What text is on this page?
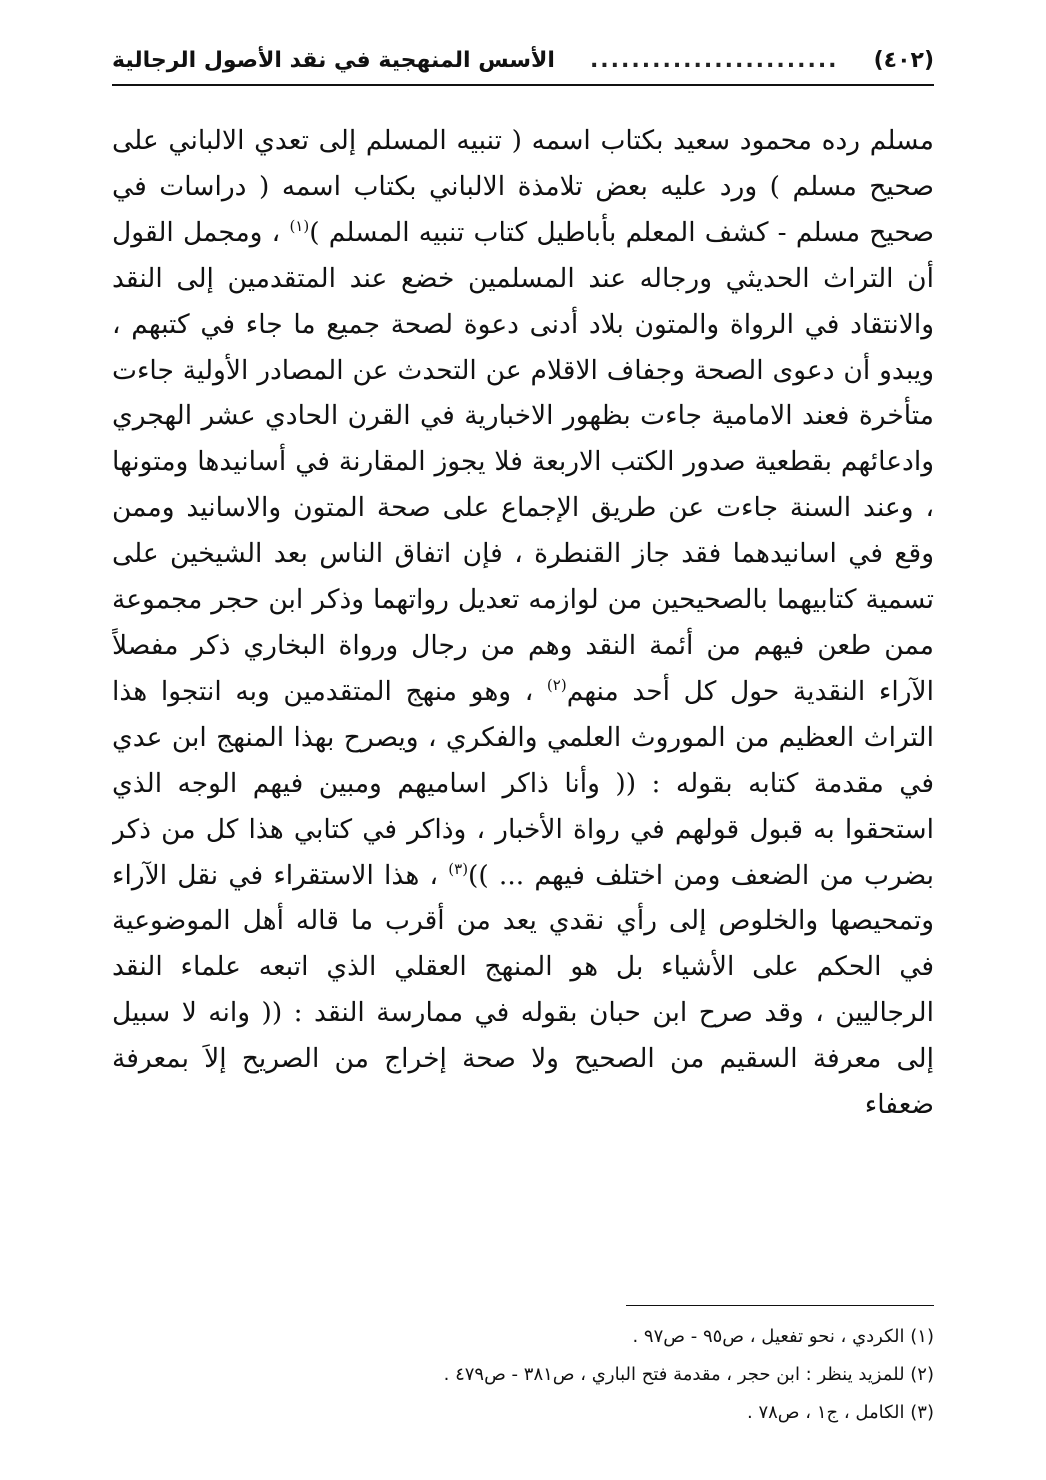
(٤٠٢)
........................
الأسس المنهجية في نقد الأصول الرجالية

مسلم رده محمود سعيد بكتاب اسمه ( تنبيه المسلم إلى تعدي الالباني على صحيح مسلم ) ورد عليه بعض تلامذة الالباني بكتاب اسمه ( دراسات في صحيح مسلم - كشف المعلم بأباطيل كتاب تنبيه المسلم )$^{(١)}$ ، ومجمل القول أن التراث الحديثي ورجاله عند المسلمين خضع عند المتقدمين إلى النقد والانتقاد في الرواة والمتون بلاد أدنى دعوة لصحة جميع ما جاء في كتبهم ، ويبدو أن دعوى الصحة وجفاف الاقلام عن التحدث عن المصادر الأولية جاءت متأخرة فعند الامامية جاءت بظهور الاخبارية في القرن الحادي عشر الهجري وادعائهم بقطعية صدور الكتب الاربعة فلا يجوز المقارنة في أسانيدها ومتونها ، وعند السنة جاءت عن طريق الإجماع على صحة المتون والاسانيد وممن وقع في اسانيدهما فقد جاز القنطرة ، فإن اتفاق الناس بعد الشيخين على تسمية كتابيهما بالصحيحين من لوازمه تعديل رواتهما وذكر ابن حجر مجموعة ممن طعن فيهم من أئمة النقد وهم من رجال ورواة البخاري ذكر مفصلاً الآراء النقدية حول كل أحد منهم$^{(٢)}$ ، وهو منهج المتقدمين وبه انتجوا هذا التراث العظيم من الموروث العلمي والفكري ، ويصرح بهذا المنهج ابن عدي في مقدمة كتابه بقوله : (( وأنا ذاكر اساميهم ومبين فيهم الوجه الذي استحقوا به قبول قولهم في رواة الأخبار ، وذاكر في كتابي هذا كل من ذكر بضرب من الضعف ومن اختلف فيهم ... ))$^{(٣)}$ ، هذا الاستقراء في نقل الآراء وتمحيصها والخلوص إلى رأي نقدي يعد من أقرب ما قاله أهل الموضوعية في الحكم على الأشياء بل هو المنهج العقلي الذي اتبعه علماء النقد الرجاليين ، وقد صرح ابن حبان بقوله في ممارسة النقد : (( وانه لا سبيل إلى معرفة السقيم من الصحيح ولا صحة إخراج من الصريح إلاَ بمعرفة ضعفاء

(١) الكردي ، نحو تفعيل ، ص٩٥ - ص٩٧ .
(٢) للمزيد ينظر : ابن حجر ، مقدمة فتح الباري ، ص٣٨١ - ص٤٧٩ .
(٣) الكامل ، ج١ ، ص٧٨ .
